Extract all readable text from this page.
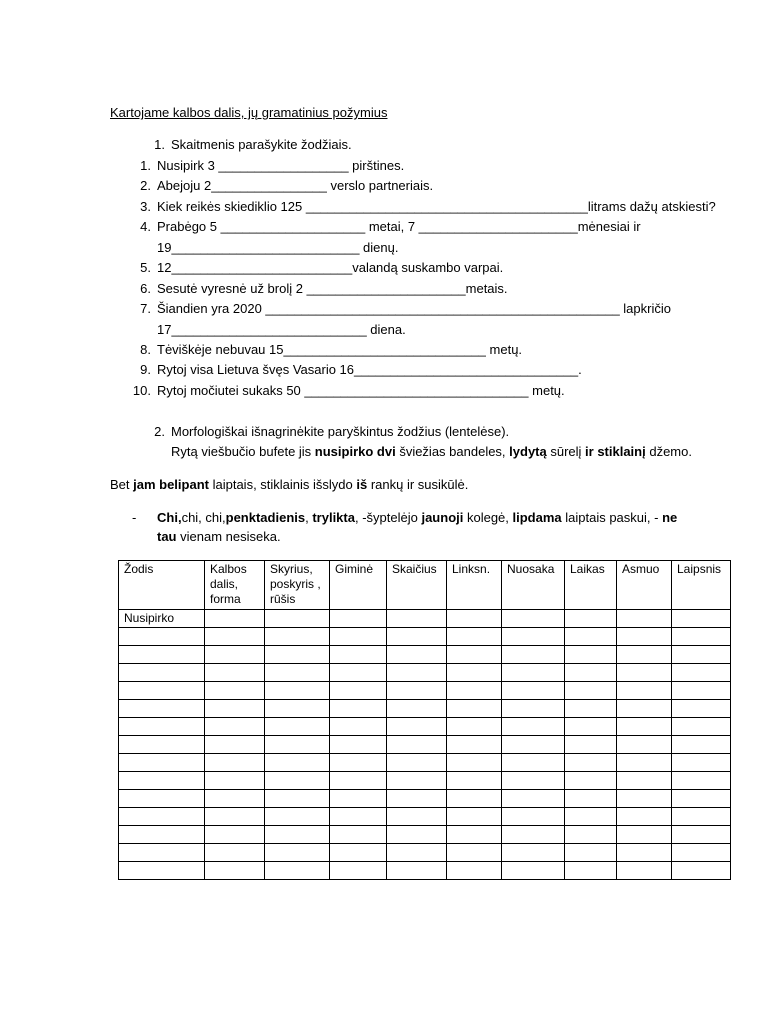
Kartojame kalbos dalis, jų gramatinius požymius
1. Skaitmenis parašykite žodžiais.
1. Nusipirk 3 __________________ pirštines.
2. Abejoju 2________________ verslo partneriais.
3. Kiek reikės skiediklio 125 _______________________________________litrams dažų atskiesti?
4. Prabėgo 5 ____________________ metai, 7 ______________________mėnesiai ir
19__________________________ dienų.
5. 12_________________________valandą suskambo varpai.
6. Sesutė vyresnė už brolį 2 ______________________metais.
7. Šiandien yra 2020 _________________________________________________ lapkričio
17___________________________ diena.
8. Tėviškėje nebuvau 15____________________________ metų.
9. Rytoj visa Lietuva švęs Vasario 16_______________________________.
10. Rytoj močiutei sukaks 50 _______________________________ metų.
2. Morfologiškai išnagrinėkite paryškintus žodžius (lentelėse).
Rytą viešbučio bufete jis nusipirko dvi šviežias bandeles, lydytą sūrelį ir stiklainį džemo.
Bet jam belipant laiptais, stiklainis išslydo iš rankų ir susikūlė.
- Chi,chi, chi,penktadienis, trylikta, -šyptelėjo jaunoji kolegė, lipdama laiptais paskui, - ne
tau vienam nesiseka.
Žodis	Kalbos dalis, forma	Skyrius, poskyris , rūšis	Giminė	Skaičius	Linksn.	Nuosaka	Laikas	Asmuo	Laipsnis
Nusipirko									
